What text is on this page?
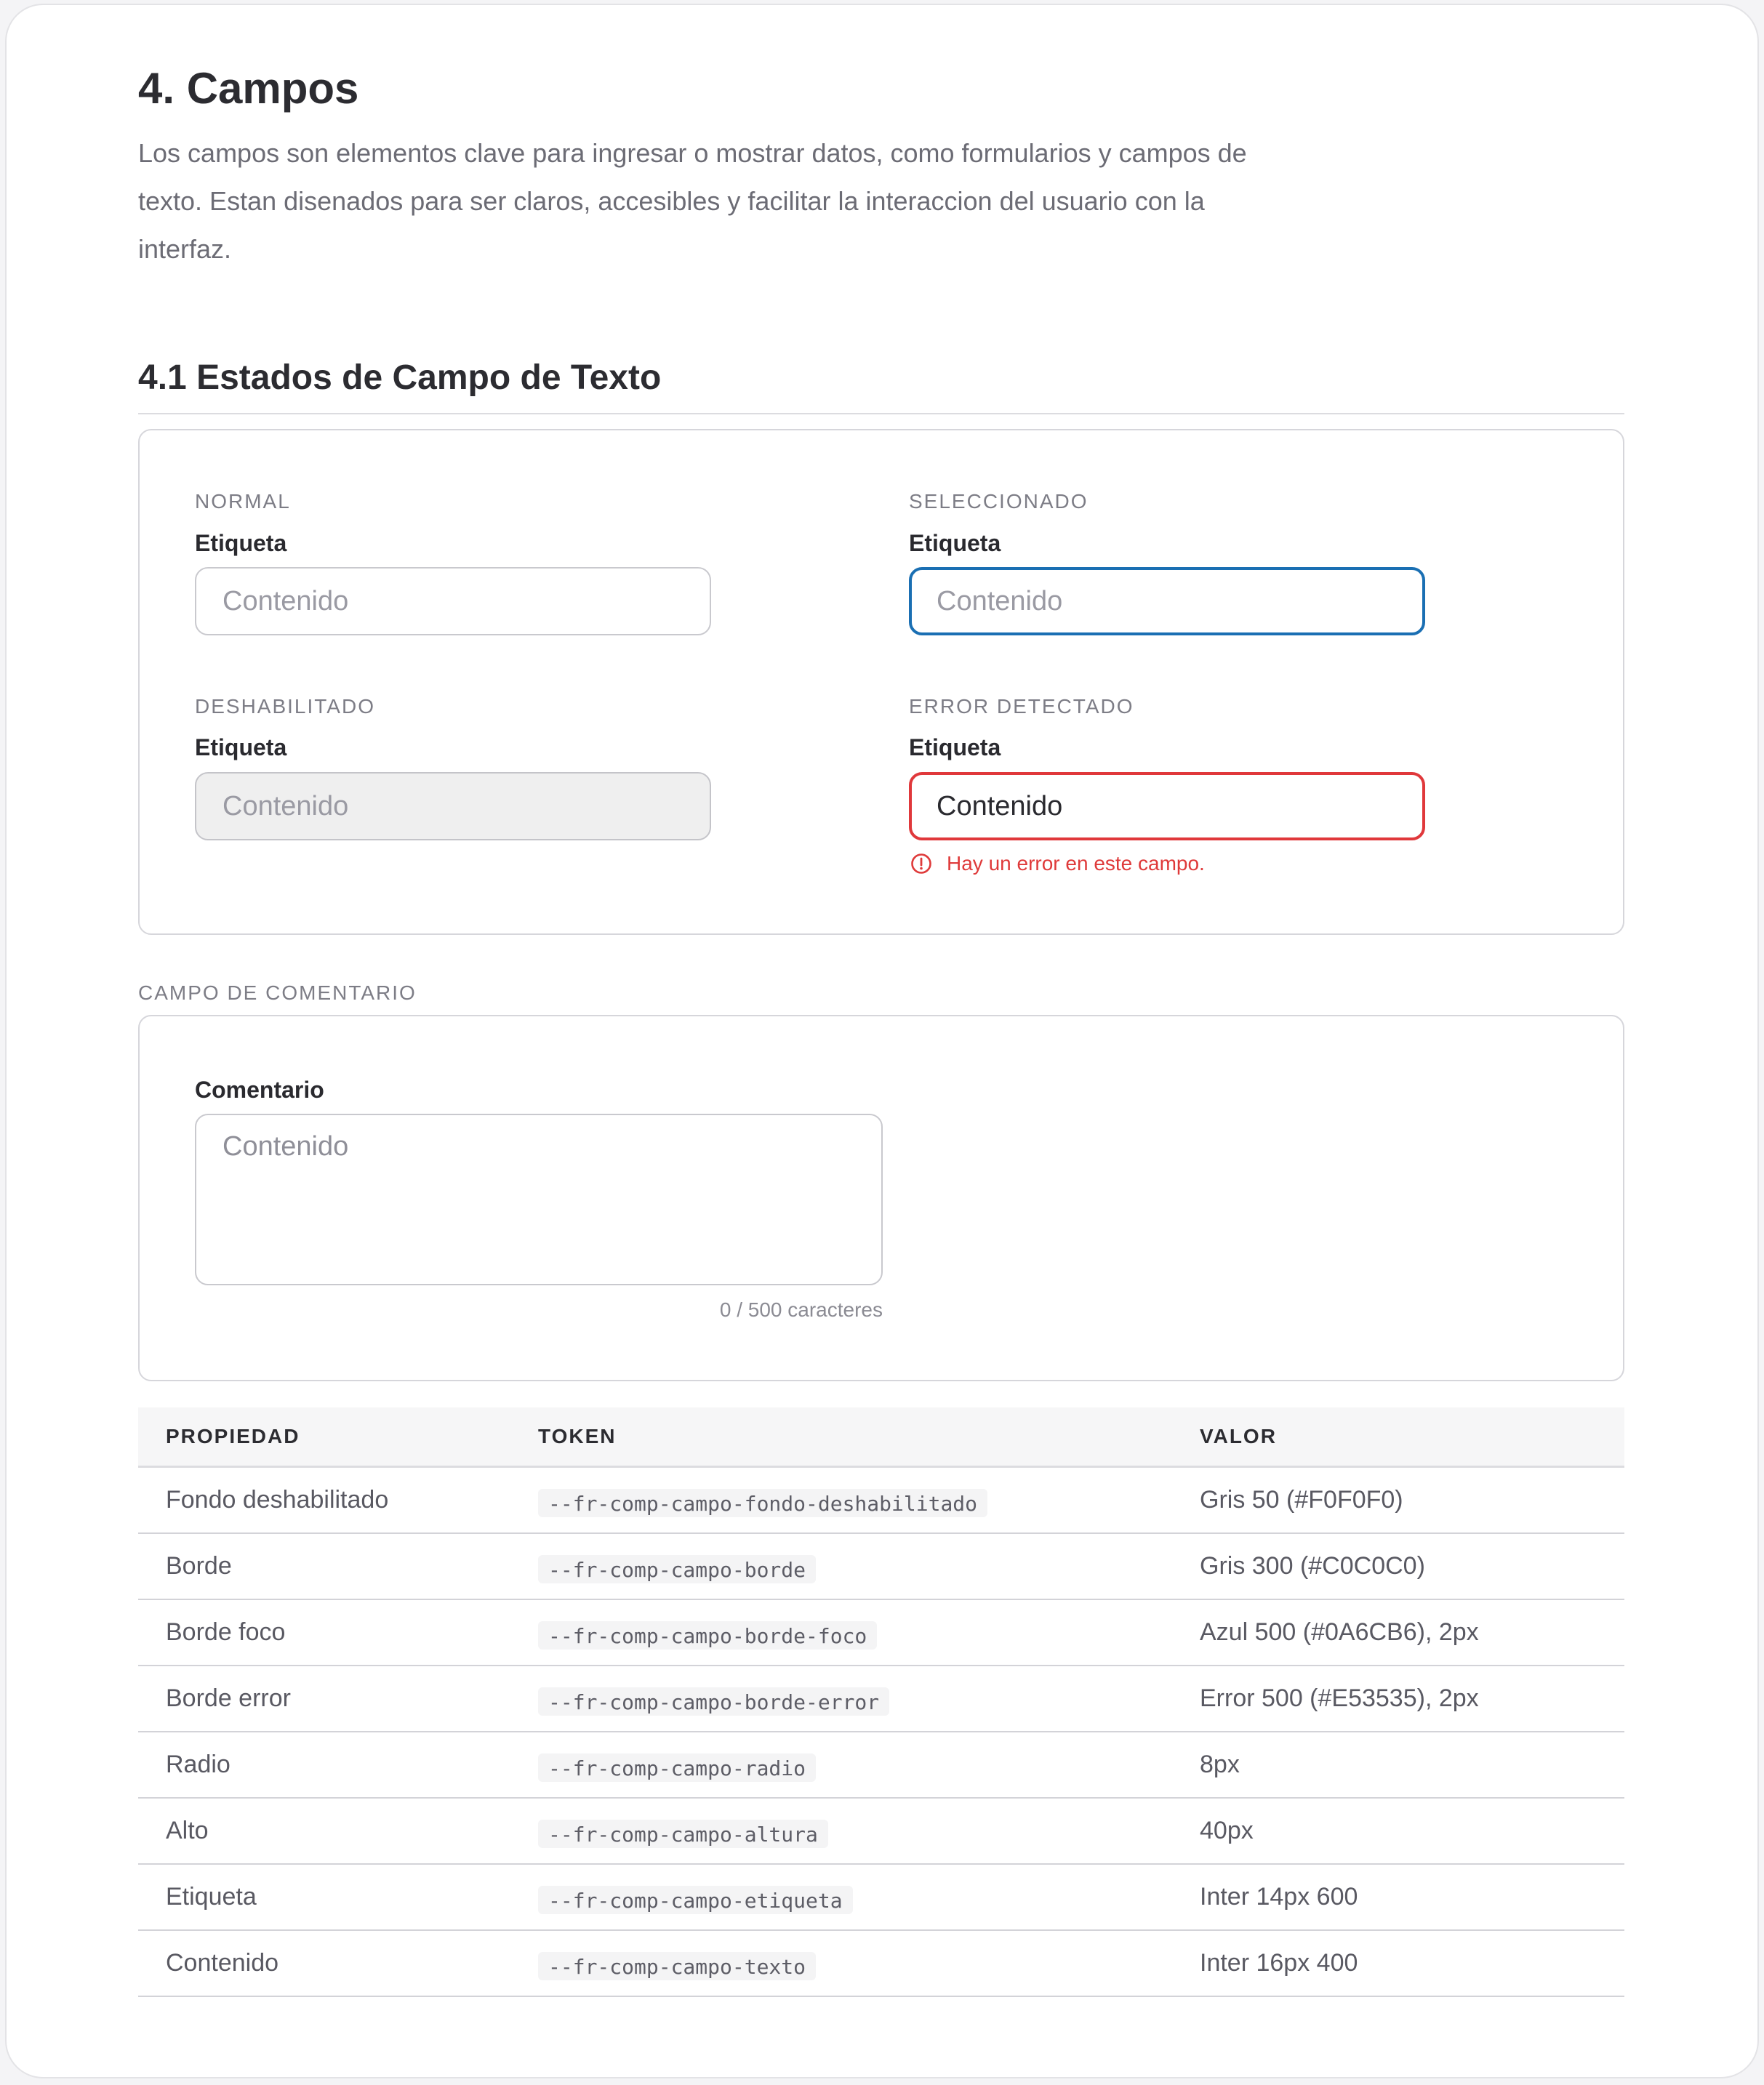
4. Campos
Los campos son elementos clave para ingresar o mostrar datos, como formularios y campos de texto. Estan disenados para ser claros, accesibles y facilitar la interaccion del usuario con la interfaz.
4.1 Estados de Campo de Texto
NORMAL
Etiqueta
Contenido
SELECCIONADO
Etiqueta
Contenido
DESHABILITADO
Etiqueta
Contenido
ERROR DETECTADO
Etiqueta
Contenido
Hay un error en este campo.
CAMPO DE COMENTARIO
Comentario
Contenido
0 / 500 caracteres
PROPIEDAD	TOKEN	VALOR
Fondo deshabilitado	--fr-comp-campo-fondo-deshabilitado	Gris 50 (#F0F0F0)
Borde	--fr-comp-campo-borde	Gris 300 (#C0C0C0)
Borde foco	--fr-comp-campo-borde-foco	Azul 500 (#0A6CB6), 2px
Borde error	--fr-comp-campo-borde-error	Error 500 (#E53535), 2px
Radio	--fr-comp-campo-radio	8px
Alto	--fr-comp-campo-altura	40px
Etiqueta	--fr-comp-campo-etiqueta	Inter 14px 600
Contenido	--fr-comp-campo-texto	Inter 16px 400
